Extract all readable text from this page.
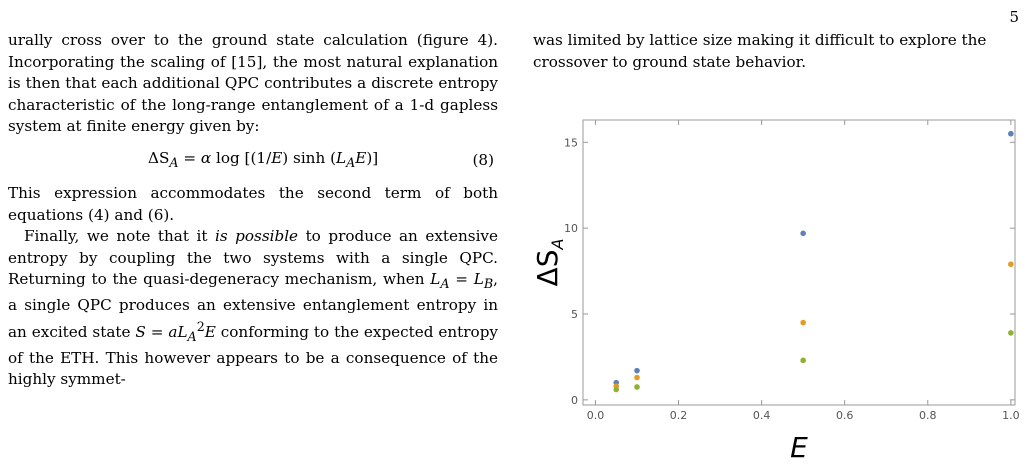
5

urally cross over to the ground state calculation (figure 4). Incorporating the scaling of [15], the most natural explanation is then that each additional QPC contributes a discrete entropy characteristic of the long-range entanglement of a 1-d gapless system at finite energy given by:

$\Delta S_A = \alpha$ log [(1/E) $\sinh (L_AE)$]	(8)

This expression accommodates the second term of both equations (4) and (6).

Finally, we note that it is possible to produce an extensive entropy by coupling the two systems with a single QPC. Returning to the quasi-degeneracy mechanism, when $L_A = L_B$, a single QPC produces an extensive entanglement entropy in an excited state $S = aL_A^2E$ conforming to the expected entropy of the ETH. This however appears to be a consequence of the highly symmet-

was limited by lattice size making it difficult to explore the crossover to ground state behavior.

0.0	0.2	0.4	0.6	0.8	1.0
0
5
10
15
E
$\Delta S_A$
